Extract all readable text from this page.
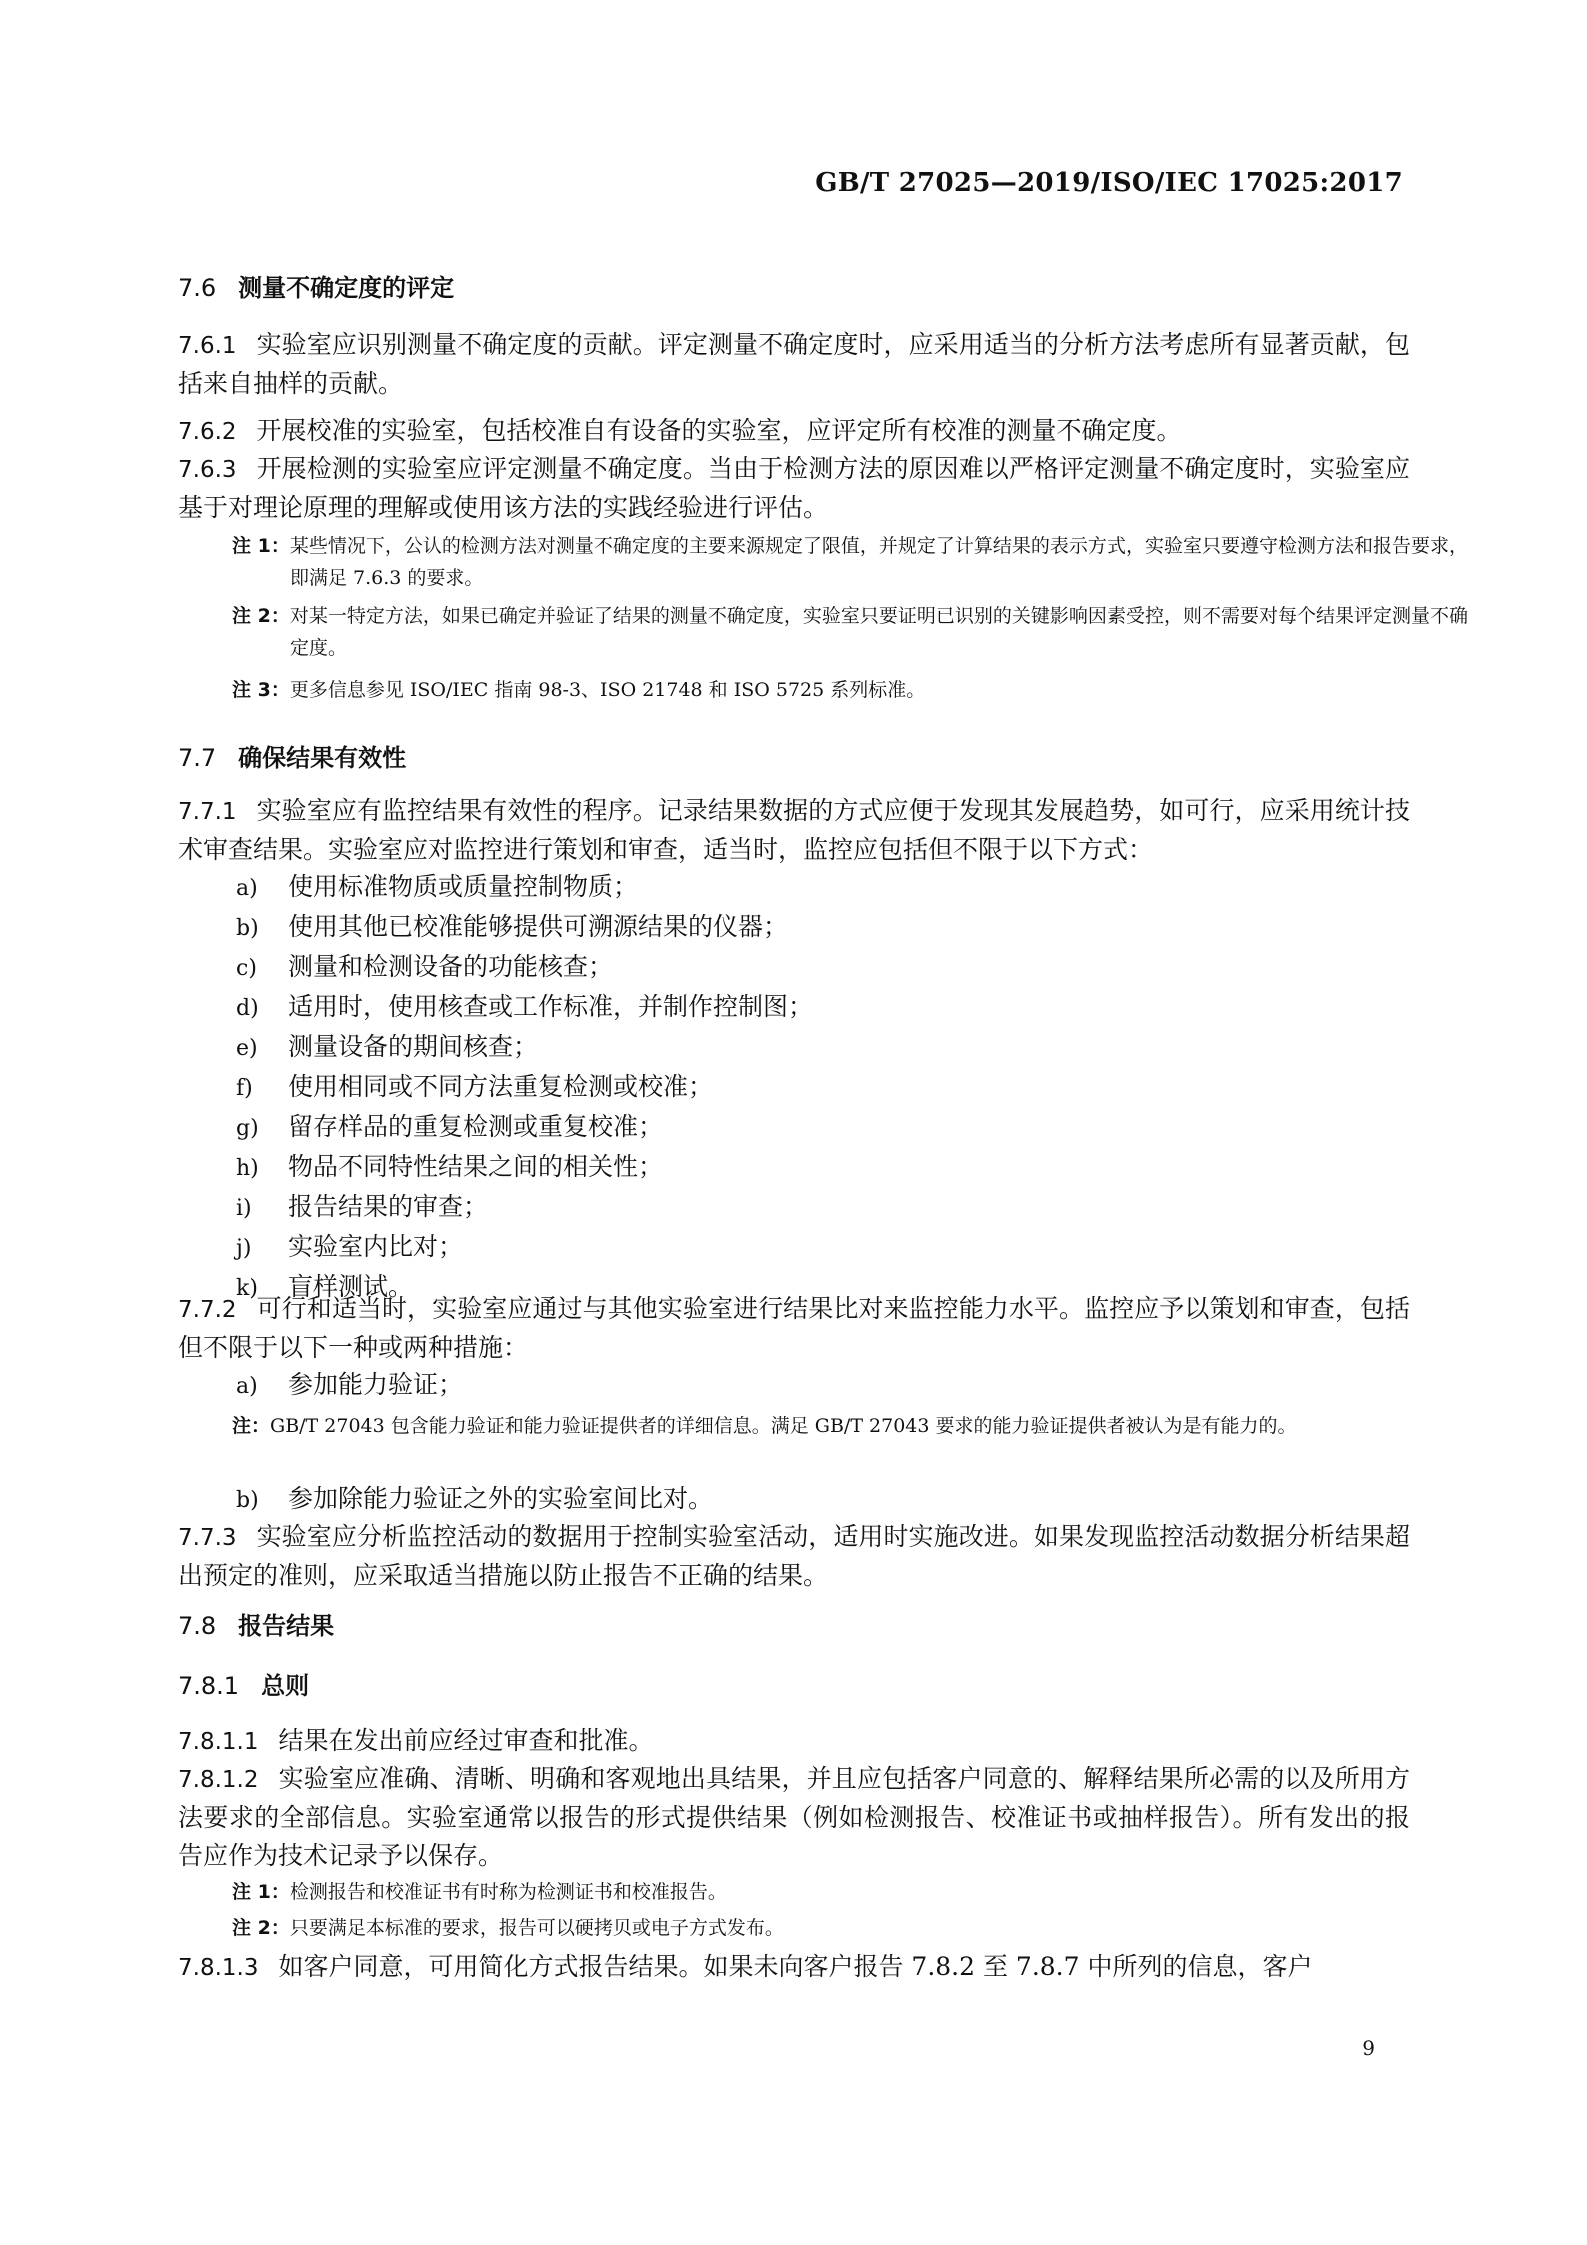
GB/T 27025—2019/ISO/IEC 17025:2017
7.6 测量不确定度的评定
7.6.1 实验室应识别测量不确定度的贡献。评定测量不确定度时，应采用适当的分析方法考虑所有显著贡献，包括来自抽样的贡献。
7.6.2 开展校准的实验室，包括校准自有设备的实验室，应评定所有校准的测量不确定度。
7.6.3 开展检测的实验室应评定测量不确定度。当由于检测方法的原因难以严格评定测量不确定度时，实验室应基于对理论原理的理解或使用该方法的实践经验进行评估。
注 1：某些情况下，公认的检测方法对测量不确定度的主要来源规定了限值，并规定了计算结果的表示方式，实验室只要遵守检测方法和报告要求，即满足 7.6.3 的要求。
注 2：对某一特定方法，如果已确定并验证了结果的测量不确定度，实验室只要证明已识别的关键影响因素受控，则不需要对每个结果评定测量不确定度。
注 3：更多信息参见 ISO/IEC 指南 98-3、ISO 21748 和 ISO 5725 系列标准。
7.7 确保结果有效性
7.7.1 实验室应有监控结果有效性的程序。记录结果数据的方式应便于发现其发展趋势，如可行，应采用统计技术审查结果。实验室应对监控进行策划和审查，适当时，监控应包括但不限于以下方式：
a) 使用标准物质或质量控制物质；
b) 使用其他已校准能够提供可溯源结果的仪器；
c) 测量和检测设备的功能核查；
d) 适用时，使用核查或工作标准，并制作控制图；
e) 测量设备的期间核查；
f) 使用相同或不同方法重复检测或校准；
g) 留存样品的重复检测或重复校准；
h) 物品不同特性结果之间的相关性；
i) 报告结果的审查；
j) 实验室内比对；
k) 盲样测试。
7.7.2 可行和适当时，实验室应通过与其他实验室进行结果比对来监控能力水平。监控应予以策划和审查，包括但不限于以下一种或两种措施：
a) 参加能力验证；
注：GB/T 27043 包含能力验证和能力验证提供者的详细信息。满足 GB/T 27043 要求的能力验证提供者被认为是有能力的。
b) 参加除能力验证之外的实验室间比对。
7.7.3 实验室应分析监控活动的数据用于控制实验室活动，适用时实施改进。如果发现监控活动数据分析结果超出预定的准则，应采取适当措施以防止报告不正确的结果。
7.8 报告结果
7.8.1 总则
7.8.1.1 结果在发出前应经过审查和批准。
7.8.1.2 实验室应准确、清晰、明确和客观地出具结果，并且应包括客户同意的、解释结果所必需的以及所用方法要求的全部信息。实验室通常以报告的形式提供结果（例如检测报告、校准证书或抽样报告）。所有发出的报告应作为技术记录予以保存。
注 1：检测报告和校准证书有时称为检测证书和校准报告。
注 2：只要满足本标准的要求，报告可以硬拷贝或电子方式发布。
7.8.1.3 如客户同意，可用简化方式报告结果。如果未向客户报告 7.8.2 至 7.8.7 中所列的信息，客户
9
